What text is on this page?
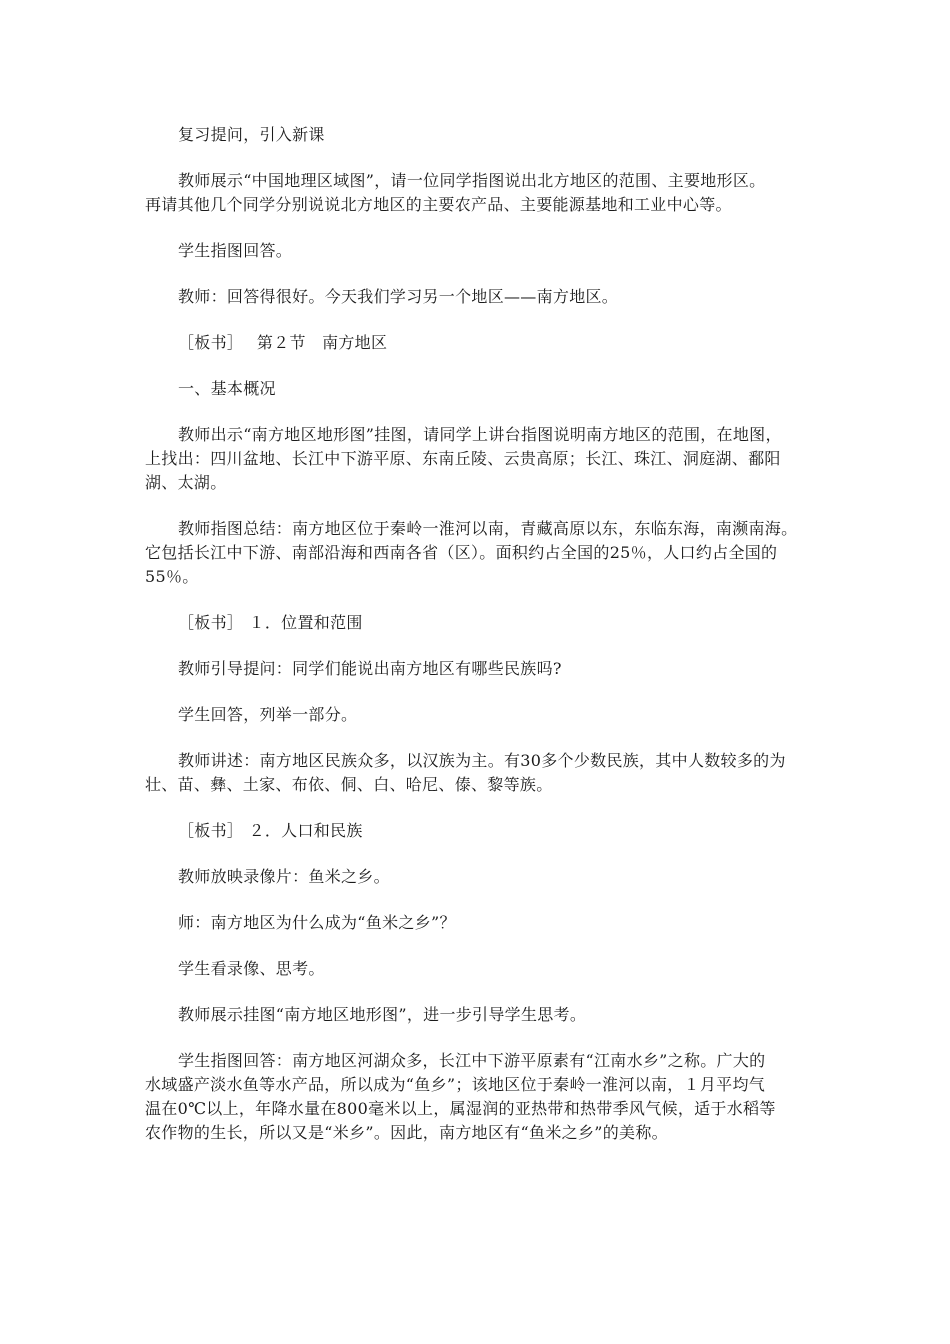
复习提问，引入新课
教师展示“中国地理区域图”，请一位同学指图说出北方地区的范围、主要地形区。
再请其他几个同学分别说说北方地区的主要农产品、主要能源基地和工业中心等。
学生指图回答。
教师：回答得很好。今天我们学习另一个地区——南方地区。
［板书］　 第２节　南方地区
一、基本概况
教师出示“南方地区地形图”挂图，请同学上讲台指图说明南方地区的范围，在地图，
上找出：四川盆地、长江中下游平原、东南丘陵、云贵高原；长江、珠江、洞庭湖、鄱阳
湖、太湖。
教师指图总结：南方地区位于秦岭一淮河以南，青藏高原以东，东临东海，南濒南海。
它包括长江中下游、南部沿海和西南各省（区）。面积约占全国的25％，人口约占全国的
55％。
［板书］ １．位置和范围
教师引导提问：同学们能说出南方地区有哪些民族吗?
学生回答，列举一部分。
教师讲述：南方地区民族众多，以汉族为主。有30多个少数民族，其中人数较多的为
壮、苗、彝、土家、布依、侗、白、哈尼、傣、黎等族。
［板书］ ２．人口和民族
教师放映录像片：鱼米之乡。
师：南方地区为什么成为“鱼米之乡”？
学生看录像、思考。
教师展示挂图“南方地区地形图”，进一步引导学生思考。
学生指图回答：南方地区河湖众多，长江中下游平原素有“江南水乡”之称。广大的
水域盛产淡水鱼等水产品，所以成为“鱼乡”；该地区位于秦岭一淮河以南，１月平均气
温在0℃以上，年降水量在800毫米以上，属湿润的亚热带和热带季风气候，适于水稻等
农作物的生长，所以又是“米乡”。因此，南方地区有“鱼米之乡”的美称。
